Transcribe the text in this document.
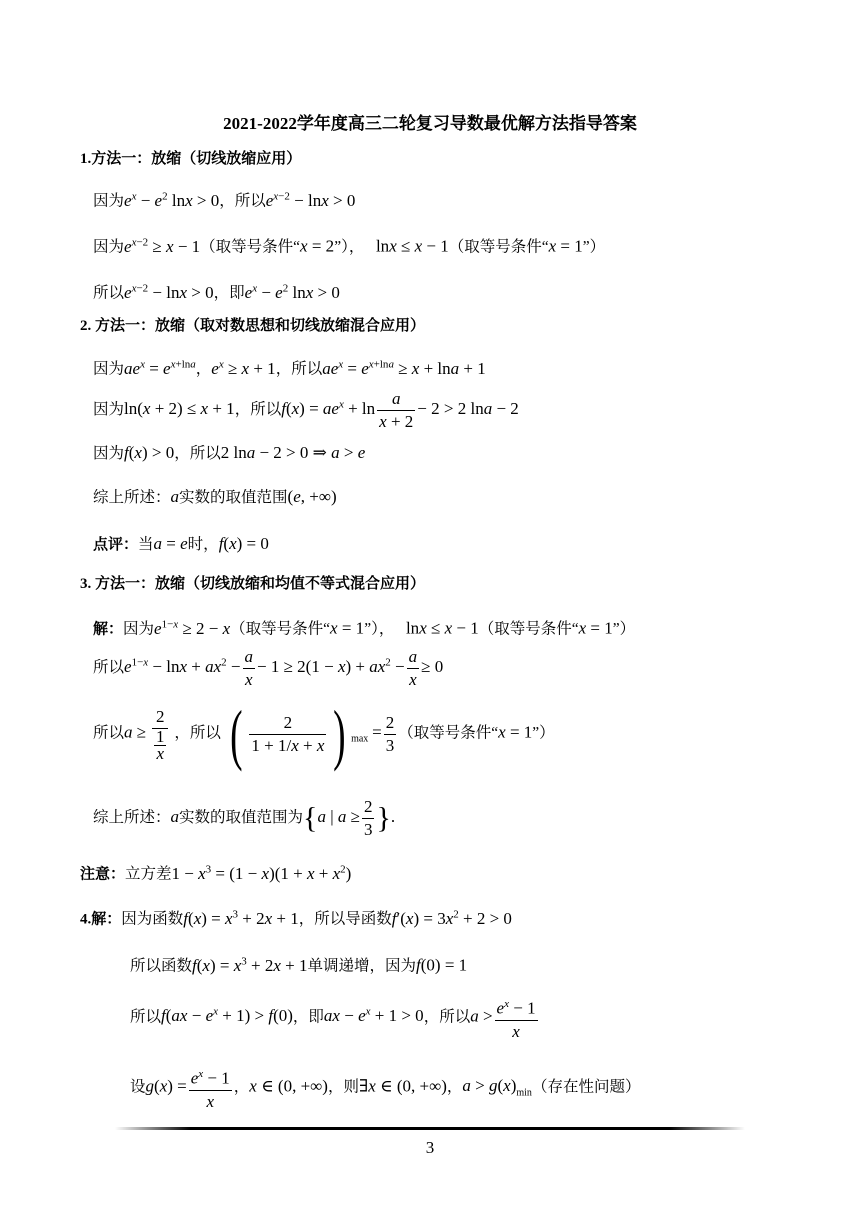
2021-2022学年度高三二轮复习导数最优解方法指导答案
1.方法一：放缩（切线放缩应用）
因为$e^x - e^2$ lnx > 0，所以$e^{x-2} - \ln x > 0$
因为$e^{x-2} \ge x - 1$（取等号条件“x = 2”）， lnx ≤ x − 1（取等号条件“x = 1”）
所以$e^{x-2} - \ln x > 0$，即$e^x - e^2$ lnx > 0
2. 方法一：放缩（取对数思想和切线放缩混合应用）
因为$ae^x = e^{x+lna}$，$e^x \ge x + 1$，所以$ae^x = e^{x+lna} \ge x + \ln a + 1$
因为ln(x + 2) ≤ x + 1，所以$f(x) = ae^x + \ln \frac{a}{x + 2} - 2 > 2$ lna − 2
因为f(x) > 0，所以2 lna − 2 > 0 ⇒ a > e
综上所述：a实数的取值范围(e, +∞)
点评：当a = e时，f(x) = 0
3. 方法一：放缩（切线放缩和均值不等式混合应用）
解：因为$e^{1-x} \ge 2 - x$（取等号条件“x = 1”）， lnx ≤ x − 1（取等号条件“x = 1”）
所以$e^{1-x} - \ln x + ax^2 - \frac{a}{x} - 1 \ge 2(1 - x) + ax^2 - \frac{a}{x} \ge 0$
所以$a \ge \frac{2}{\frac{1}{x}}$ ，所以 ( $\frac{2}{1 + 1/x + x}$ ) $_{max} = \frac{2}{3}$ （取等号条件“x = 1”）
综上所述：a实数的取值范围为{a | $a \ge \frac{2}{3}$ }.
注意：立方差$1 - x^3 = (1 - x)(1 + x + x^2)$
4.解：因为函数$f(x) = x^3 + 2x + 1$，所以导函数$f'(x) = 3x^2 + 2 > 0$
所以函数$f(x) = x^3 + 2x + 1$单调递增，因为f(0) = 1
所以$f(ax - e^x + 1) > f(0)$，即ax − $e^x + 1 > 0$，所以$a > \frac{e^x - 1}{x}$
设$g(x) = \frac{e^x - 1}{x}$ ，x ∈ (0, +∞)，则∃x ∈ (0, +∞)，$a > g(x)_{min}$（存在性问题）
3
